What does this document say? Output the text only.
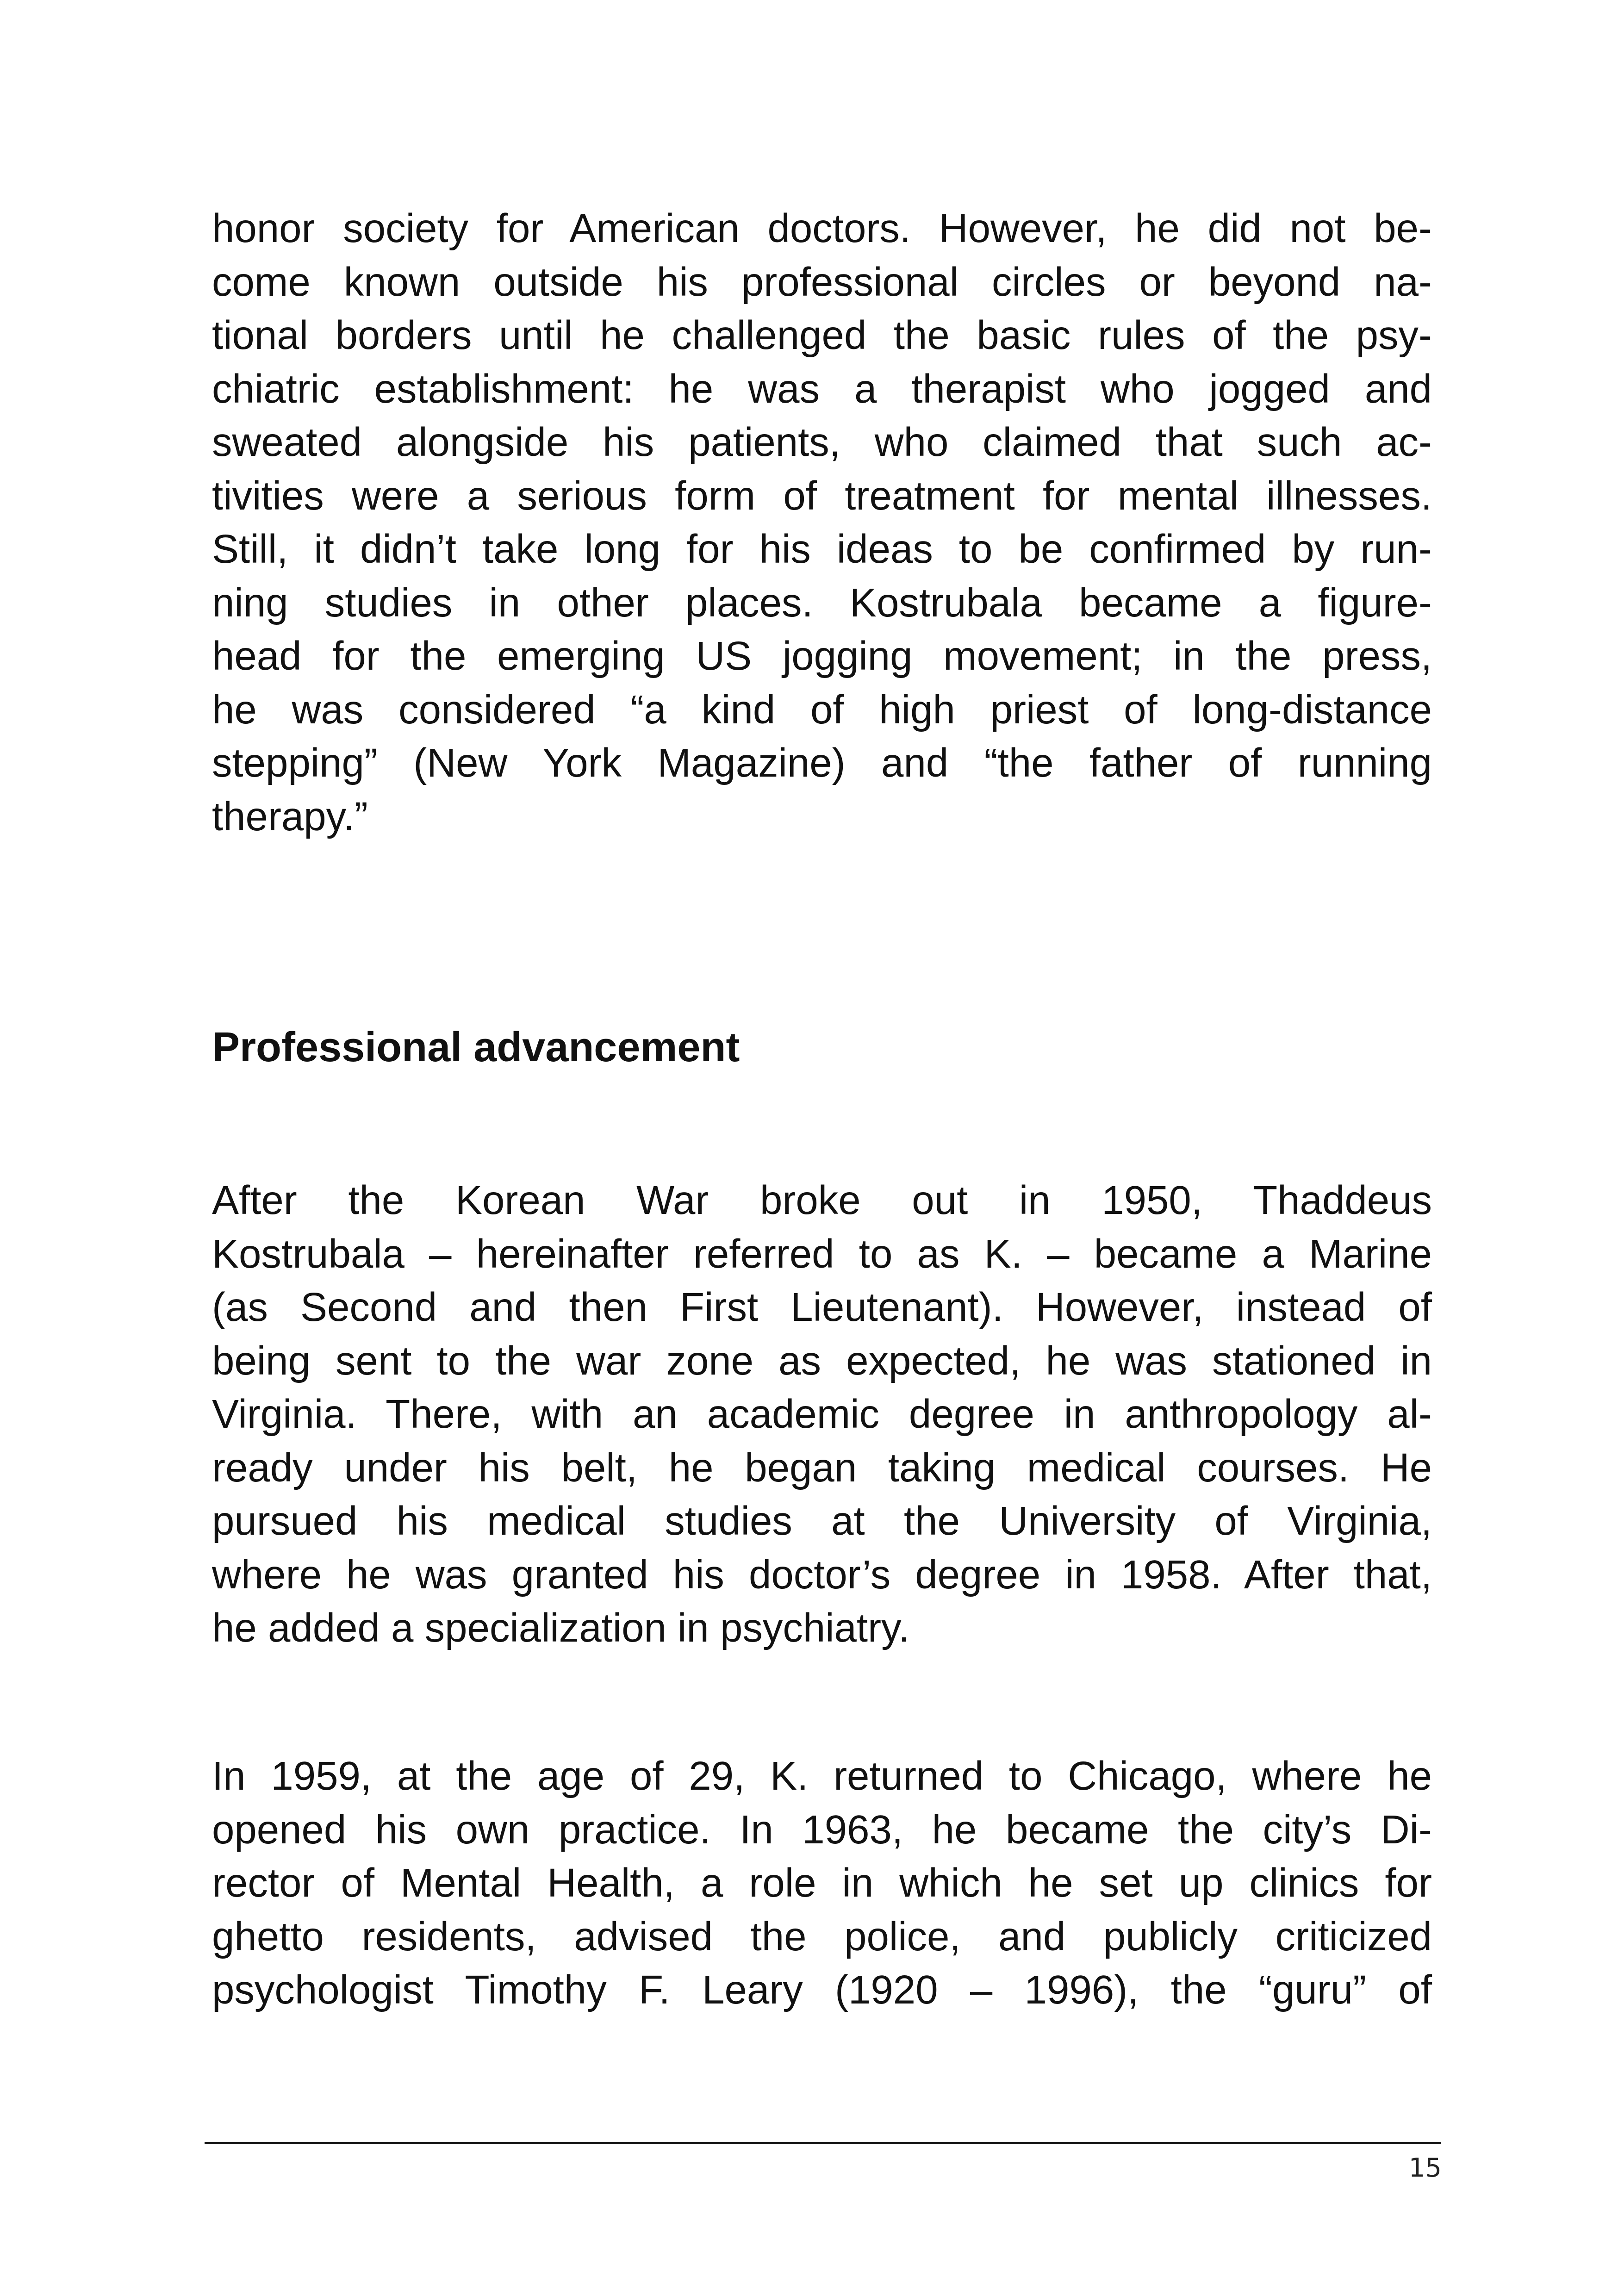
honor society for American doctors. However, he did not be-
come known outside his professional circles or beyond na-
tional borders until he challenged the basic rules of the psy-
chiatric establishment: he was a therapist who jogged and
sweated alongside his patients, who claimed that such ac-
tivities were a serious form of treatment for mental illnesses.
Still, it didn’t take long for his ideas to be confirmed by run-
ning studies in other places. Kostrubala became a figure-
head for the emerging US jogging movement; in the press,
he was considered “a kind of high priest of long-distance
stepping” (New York Magazine) and “the father of running
therapy.”
Professional advancement
After the Korean War broke out in 1950, Thaddeus
Kostrubala – hereinafter referred to as K. – became a Marine
(as Second and then First Lieutenant). However, instead of
being sent to the war zone as expected, he was stationed in
Virginia. There, with an academic degree in anthropology al-
ready under his belt, he began taking medical courses. He
pursued his medical studies at the University of Virginia,
where he was granted his doctor’s degree in 1958. After that,
he added a specialization in psychiatry.
In 1959, at the age of 29, K. returned to Chicago, where he
opened his own practice. In 1963, he became the city’s Di-
rector of Mental Health, a role in which he set up clinics for
ghetto residents, advised the police, and publicly criticized
psychologist Timothy F. Leary (1920 – 1996), the “guru” of
15
